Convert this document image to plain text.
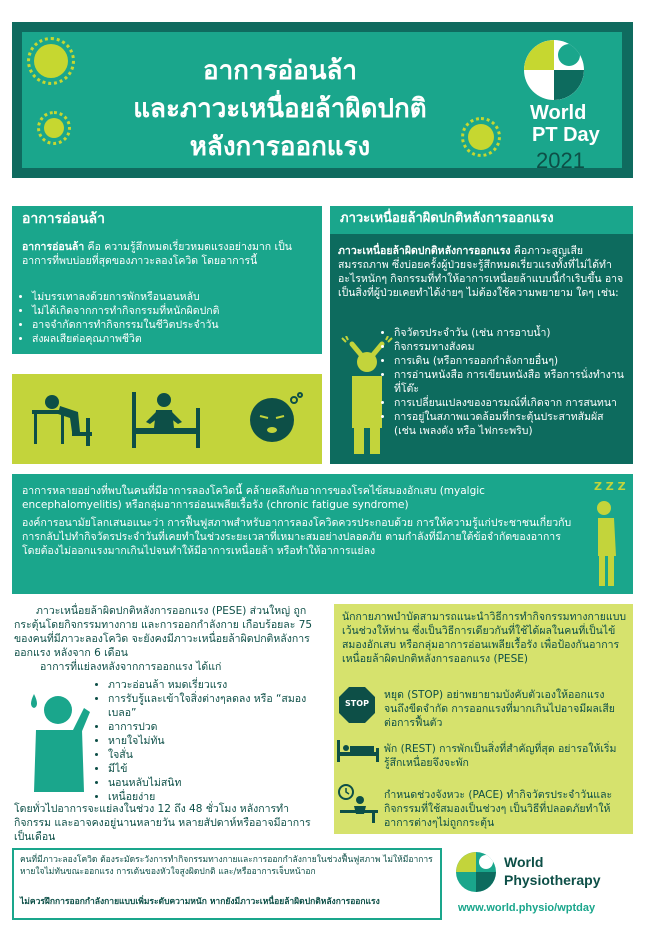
อาการอ่อนล้า
และภาวะเหนื่อยล้าผิดปกติ
หลังการออกแรง
World
PT Day
2021
อาการอ่อนล้า
อาการอ่อนล้า คือ ความรู้สึกหมดเรี่ยวหมดแรงอย่างมาก เป็นอาการที่พบบ่อยที่สุดของภาวะลองโควิด โดยอาการนี้
• ไม่บรรเทาลงด้วยการพักหรือนอนหลับ
• ไม่ได้เกิดจากการทำกิจกรรมที่หนักผิดปกติ
• อาจจำกัดการทำกิจกรรมในชีวิตประจำวัน
• ส่งผลเสียต่อคุณภาพชีวิต
ภาวะเหนื่อยล้าผิดปกติหลังการออกแรง
ภาวะเหนื่อยล้าผิดปกติหลังการออกแรง คือภาวะสูญเสียสมรรถภาพ ซึ่งบ่อยครั้งผู้ป่วยจะรู้สึกหมดเรี่ยวแรงทั้งที่ไม่ได้ทำอะไรหนักๆ กิจกรรมที่ทำให้อาการเหนื่อยล้าแบบนี้กำเริบขึ้น อาจเป็นสิ่งที่ผู้ป่วยเคยทำได้ง่ายๆ ไม่ต้องใช้ความพยายาม ใดๆ เช่น:
• กิจวัตรประจำวัน (เช่น การอาบน้ำ)
• กิจกรรมทางสังคม
• การเดิน (หรือการออกกำลังกายอื่นๆ)
• การอ่านหนังสือ การเขียนหนังสือ หรือการนั่งทำงานที่โต๊ะ
• การเปลี่ยนแปลงของอารมณ์ที่เกิดจาก การสนทนา
• การอยู่ในสภาพแวดล้อมที่กระตุ้นประสาทสัมผัส (เช่น เพลงดัง หรือ ไฟกระพริบ)
อาการหลายอย่างที่พบในคนที่มีอาการลองโควิดนี้ คล้ายคลึงกับอาการของโรคไข้สมองอักเสบ (myalgic encephalomyelitis) หรือกลุ่มอาการอ่อนเพลียเรื้อรัง (chronic fatigue syndrome)
องค์การอนามัยโลกเสนอแนะว่า การฟื้นฟูสภาพสำหรับอาการลองโควิดควรประกอบด้วย การให้ความรู้แก่ประชาชนเกี่ยวกับการกลับไปทำกิจวัตรประจำวันที่เคยทำในช่วงระยะเวลาที่เหมาะสมอย่างปลอดภัย ตามกำลังที่มีภายใต้ข้อจำกัดของอาการ โดยต้องไม่ออกแรงมากเกินไปจนทำให้มีอาการเหนื่อยล้า หรือทำให้อาการแย่ลง
Z Z Z
ภาวะเหนื่อยล้าผิดปกติหลังการออกแรง (PESE) ส่วนใหญ่ ถูกกระตุ้นโดยกิจกรรมทางกาย และการออกกำลังกาย เกือบร้อยละ 75 ของคนที่มีภาวะลองโควิด จะยังคงมีภาวะเหนื่อยล้าผิดปกติหลังการออกแรง หลังจาก 6 เดือน
อาการที่แย่ลงหลังจากการออกแรง ได้แก่
• ภาวะอ่อนล้า หมดเรี่ยวแรง
• การรับรู้และเข้าใจสิ่งต่างๆลดลง หรือ “สมองเบลอ”
• อาการปวด
• หายใจไม่ทัน
• ใจสั่น
• มีไข้
• นอนหลับไม่สนิท
• เหนื่อยง่าย
โดยทั่วไปอาการจะแย่ลงในช่วง 12 ถึง 48 ชั่วโมง หลังการทำกิจกรรม และอาจคงอยู่นานหลายวัน หลายสัปดาห์หรืออาจมีอาการเป็นเดือน
นักกายภาพบำบัดสามารถแนะนำวิธีการทำกิจกรรมทางกายแบบเว้นช่วงให้ท่าน ซึ่งเป็นวิธีการเดียวกันที่ใช้ได้ผลในคนที่เป็นไข้สมองอักเสบ หรือกลุ่มอาการอ่อนเพลียเรื้อรัง เพื่อป้องกันอาการเหนื่อยล้าผิดปกติหลังการออกแรง (PESE)
STOP
หยุด (STOP) อย่าพยายามบังคับตัวเองให้ออกแรงจนถึงขีดจำกัด การออกแรงที่มากเกินไปอาจมีผลเสียต่อการฟื้นตัว
พัก (REST) การพักเป็นสิ่งที่สำคัญที่สุด อย่ารอให้เริ่มรู้สึกเหนื่อยจึงจะพัก
กำหนดช่วงจังหวะ (PACE) ทำกิจวัตรประจำวันและกิจกรรมที่ใช้สมองเป็นช่วงๆ เป็นวิธีที่ปลอดภัยทำให้อาการต่างๆไม่ถูกกระตุ้น
คนที่มีภาวะลองโควิด ต้องระมัดระวังการทำกิจกรรมทางกายและการออกกำลังกายในช่วงฟื้นฟูสภาพ ไม่ให้มีอาการหายใจไม่ทันขณะออกแรง การเต้นของหัวใจสูงผิดปกติ และ/หรืออาการเจ็บหน้าอก
ไม่ควรฝึกการออกกำลังกายแบบเพิ่มระดับความหนัก หากยังมีภาวะเหนื่อยล้าผิดปกติหลังการออกแรง
World
Physiotherapy
www.world.physio/wptday
